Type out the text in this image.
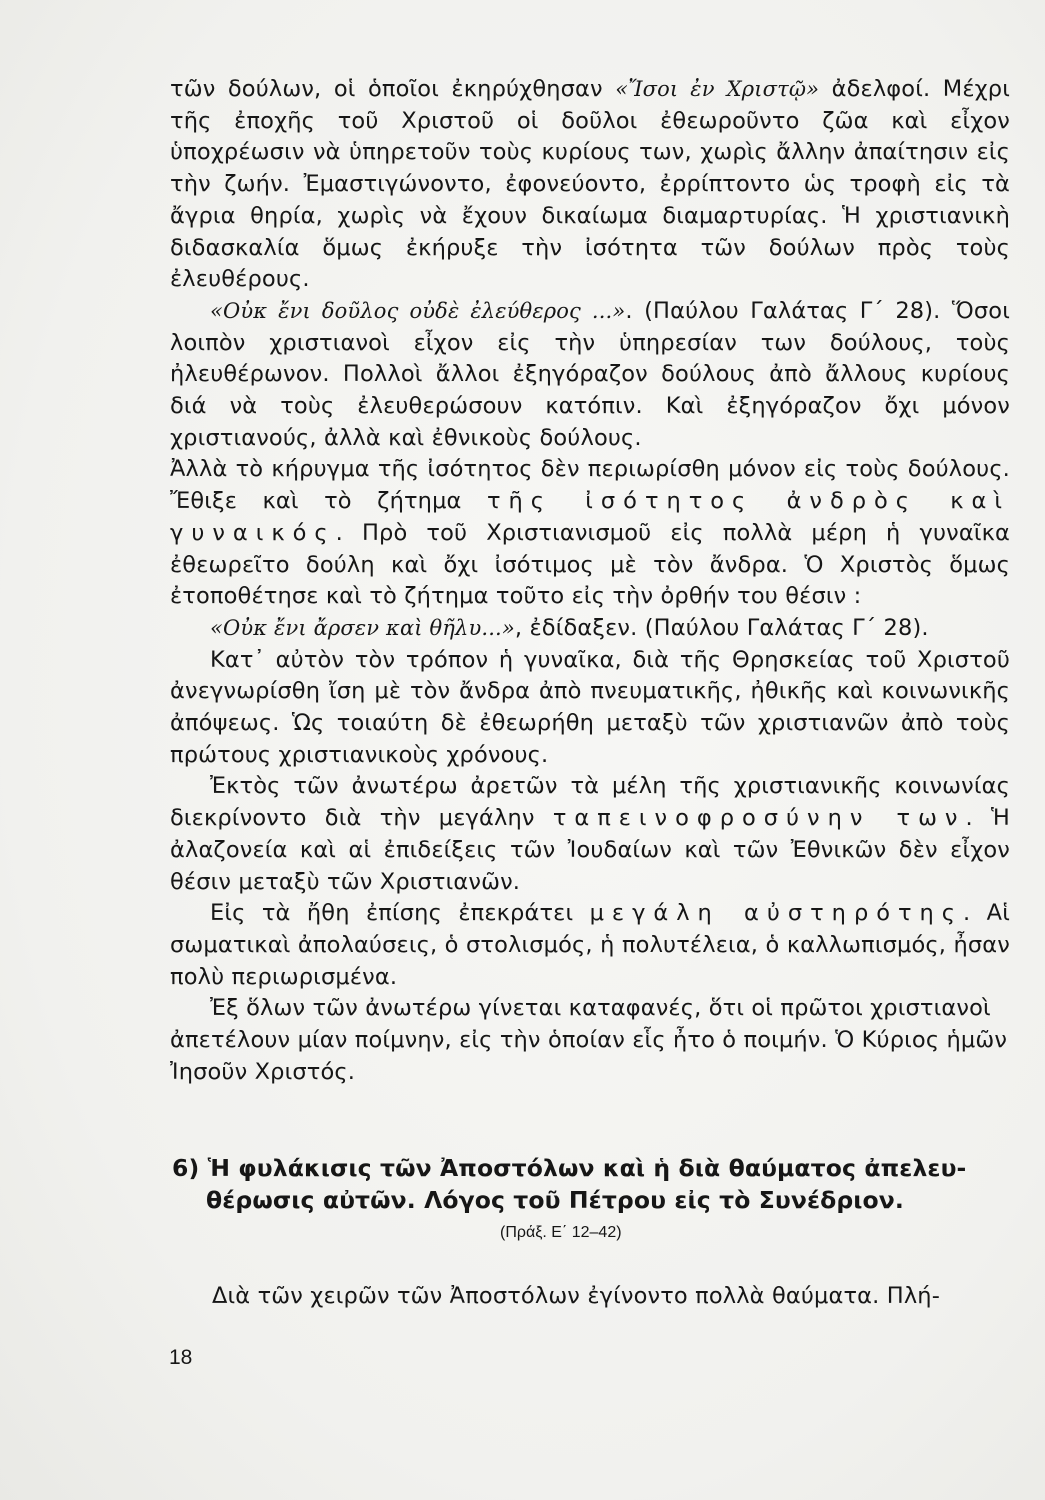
τῶν δούλων, οἱ ὁποῖοι ἐκηρύχθησαν «Ἴσοι ἐν Χριστῷ» ἀδελφοί. Μέχρι τῆς ἐποχῆς τοῦ Χριστοῦ οἱ δοῦλοι ἐθεωροῦντο ζῶα καὶ εἶχον ὑποχρέωσιν νὰ ὑπηρετοῦν τοὺς κυρίους των, χωρὶς ἄλλην ἀπαίτησιν εἰς τὴν ζωήν. Ἐμαστιγώνοντο, ἐφονεύοντο, ἐρρίπτοντο ὡς τροφὴ εἰς τὰ ἄγρια θηρία, χωρὶς νὰ ἔχουν δικαίωμα διαμαρτυρίας. Ἡ χριστιανικὴ διδασκαλία ὅμως ἐκήρυξε τὴν ἰσότητα τῶν δούλων πρὸς τοὺς ἐλευθέρους.

«Οὐκ ἔνι δοῦλος οὐδὲ ἐλεύθερος ...». (Παύλου Γαλάτας Γ΄ 28). Ὅσοι λοιπὸν χριστιανοὶ εἶχον εἰς τὴν ὑπηρεσίαν των δούλους, τοὺς ἠλευθέρωνον. Πολλοὶ ἄλλοι ἐξηγόραζον δούλους ἀπὸ ἄλλους κυρίους διά νὰ τοὺς ἐλευθερώσουν κατόπιν. Καὶ ἐξηγόραζον ὄχι μόνον χριστιανούς, ἀλλὰ καὶ ἐθνικοὺς δούλους.

Ἀλλὰ τὸ κήρυγμα τῆς ἰσότητος δὲν περιωρίσθη μόνον εἰς τοὺς δούλους. Ἔθιξε καὶ τὸ ζήτημα τῆς ἰσότητος ἀνδρὸς καὶ γυναικός. Πρὸ τοῦ Χριστιανισμοῦ εἰς πολλὰ μέρη ἡ γυναῖκα ἐθεωρεῖτο δούλη καὶ ὄχι ἰσότιμος μὲ τὸν ἄνδρα. Ὁ Χριστὸς ὅμως ἐτοποθέτησε καὶ τὸ ζήτημα τοῦτο εἰς τὴν ὀρθήν του θέσιν :

«Οὐκ ἔνι ἄρσεν καὶ θῆλυ...», ἐδίδαξεν. (Παύλου Γαλάτας Γ΄ 28).

Κατ᾽ αὐτὸν τὸν τρόπον ἡ γυναῖκα, διὰ τῆς Θρησκείας τοῦ Χριστοῦ ἀνεγνωρίσθη ἴση μὲ τὸν ἄνδρα ἀπὸ πνευματικῆς, ἠθικῆς καὶ κοινωνικῆς ἀπόψεως. Ὡς τοιαύτη δὲ ἐθεωρήθη μεταξὺ τῶν χριστιανῶν ἀπὸ τοὺς πρώτους χριστιανικοὺς χρόνους.

Ἐκτὸς τῶν ἀνωτέρω ἀρετῶν τὰ μέλη τῆς χριστιανικῆς κοινωνίας διεκρίνοντο διὰ τὴν μεγάλην ταπεινοφροσύνην των. Ἡ ἀλαζονεία καὶ αἱ ἐπιδείξεις τῶν Ἰουδαίων καὶ τῶν Ἐθνικῶν δὲν εἶχον θέσιν μεταξὺ τῶν Χριστιανῶν.

Εἰς τὰ ἤθη ἐπίσης ἐπεκράτει μεγάλη αὐστηρότης. Αἱ σωματικαὶ ἀπολαύσεις, ὁ στολισμός, ἡ πολυτέλεια, ὁ καλλωπισμός, ἦσαν πολὺ περιωρισμένα.

Ἐξ ὅλων τῶν ἀνωτέρω γίνεται καταφανές, ὅτι οἱ πρῶτοι χριστιανοὶ ἀπετέλουν μίαν ποίμνην, εἰς τὴν ὁποίαν εἷς ἦτο ὁ ποιμήν. Ὁ Κύριος ἡμῶν Ἰησοῦν Χριστός.

6) Ἡ φυλάκισις τῶν Ἀποστόλων καὶ ἡ διὰ θαύματος ἀπελευ-

θέρωσις αὐτῶν. Λόγος τοῦ Πέτρου εἰς τὸ Συνέδριον.

(Πράξ. Ε΄ 12–42)

Διὰ τῶν χειρῶν τῶν Ἀποστόλων ἐγίνοντο πολλὰ θαύματα. Πλή-

18
